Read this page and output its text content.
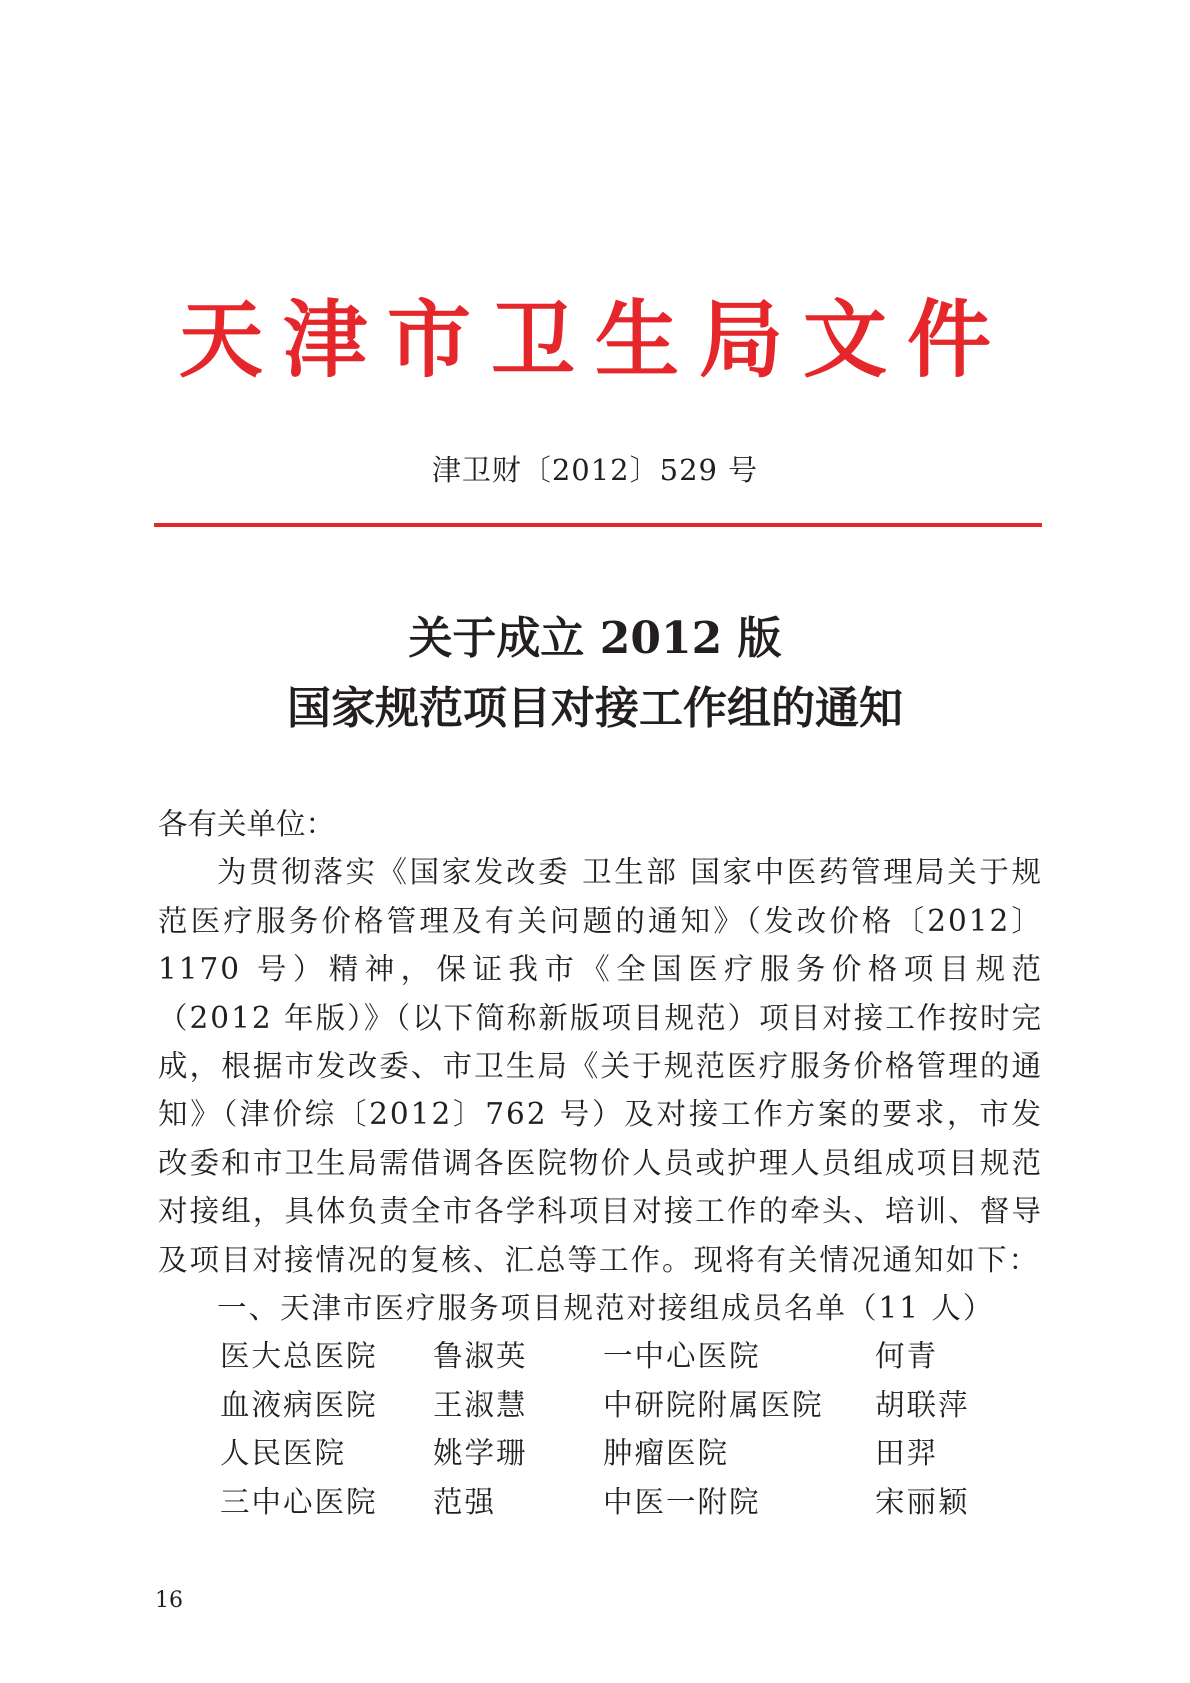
天津市卫生局文件
津卫财〔2012〕529 号
关于成立 2012 版
国家规范项目对接工作组的通知
各有关单位：
为贯彻落实《国家发改委 卫生部 国家中医药管理局关于规范医疗服务价格管理及有关问题的通知》（发改价格〔2012〕1170 号）精神，保证我市《全国医疗服务价格项目规范（2012 年版）》（以下简称新版项目规范）项目对接工作按时完成，根据市发改委、市卫生局《关于规范医疗服务价格管理的通知》（津价综〔2012〕762 号）及对接工作方案的要求，市发改委和市卫生局需借调各医院物价人员或护理人员组成项目规范对接组，具体负责全市各学科项目对接工作的牵头、培训、督导及项目对接情况的复核、汇总等工作。现将有关情况通知如下：
一、天津市医疗服务项目规范对接组成员名单（11 人）
医大总医院	鲁淑英	一中心医院	何青
血液病医院	王淑慧	中研院附属医院	胡联萍
人民医院	姚学珊	肿瘤医院	田羿
三中心医院	范强	中医一附院	宋丽颖
16
